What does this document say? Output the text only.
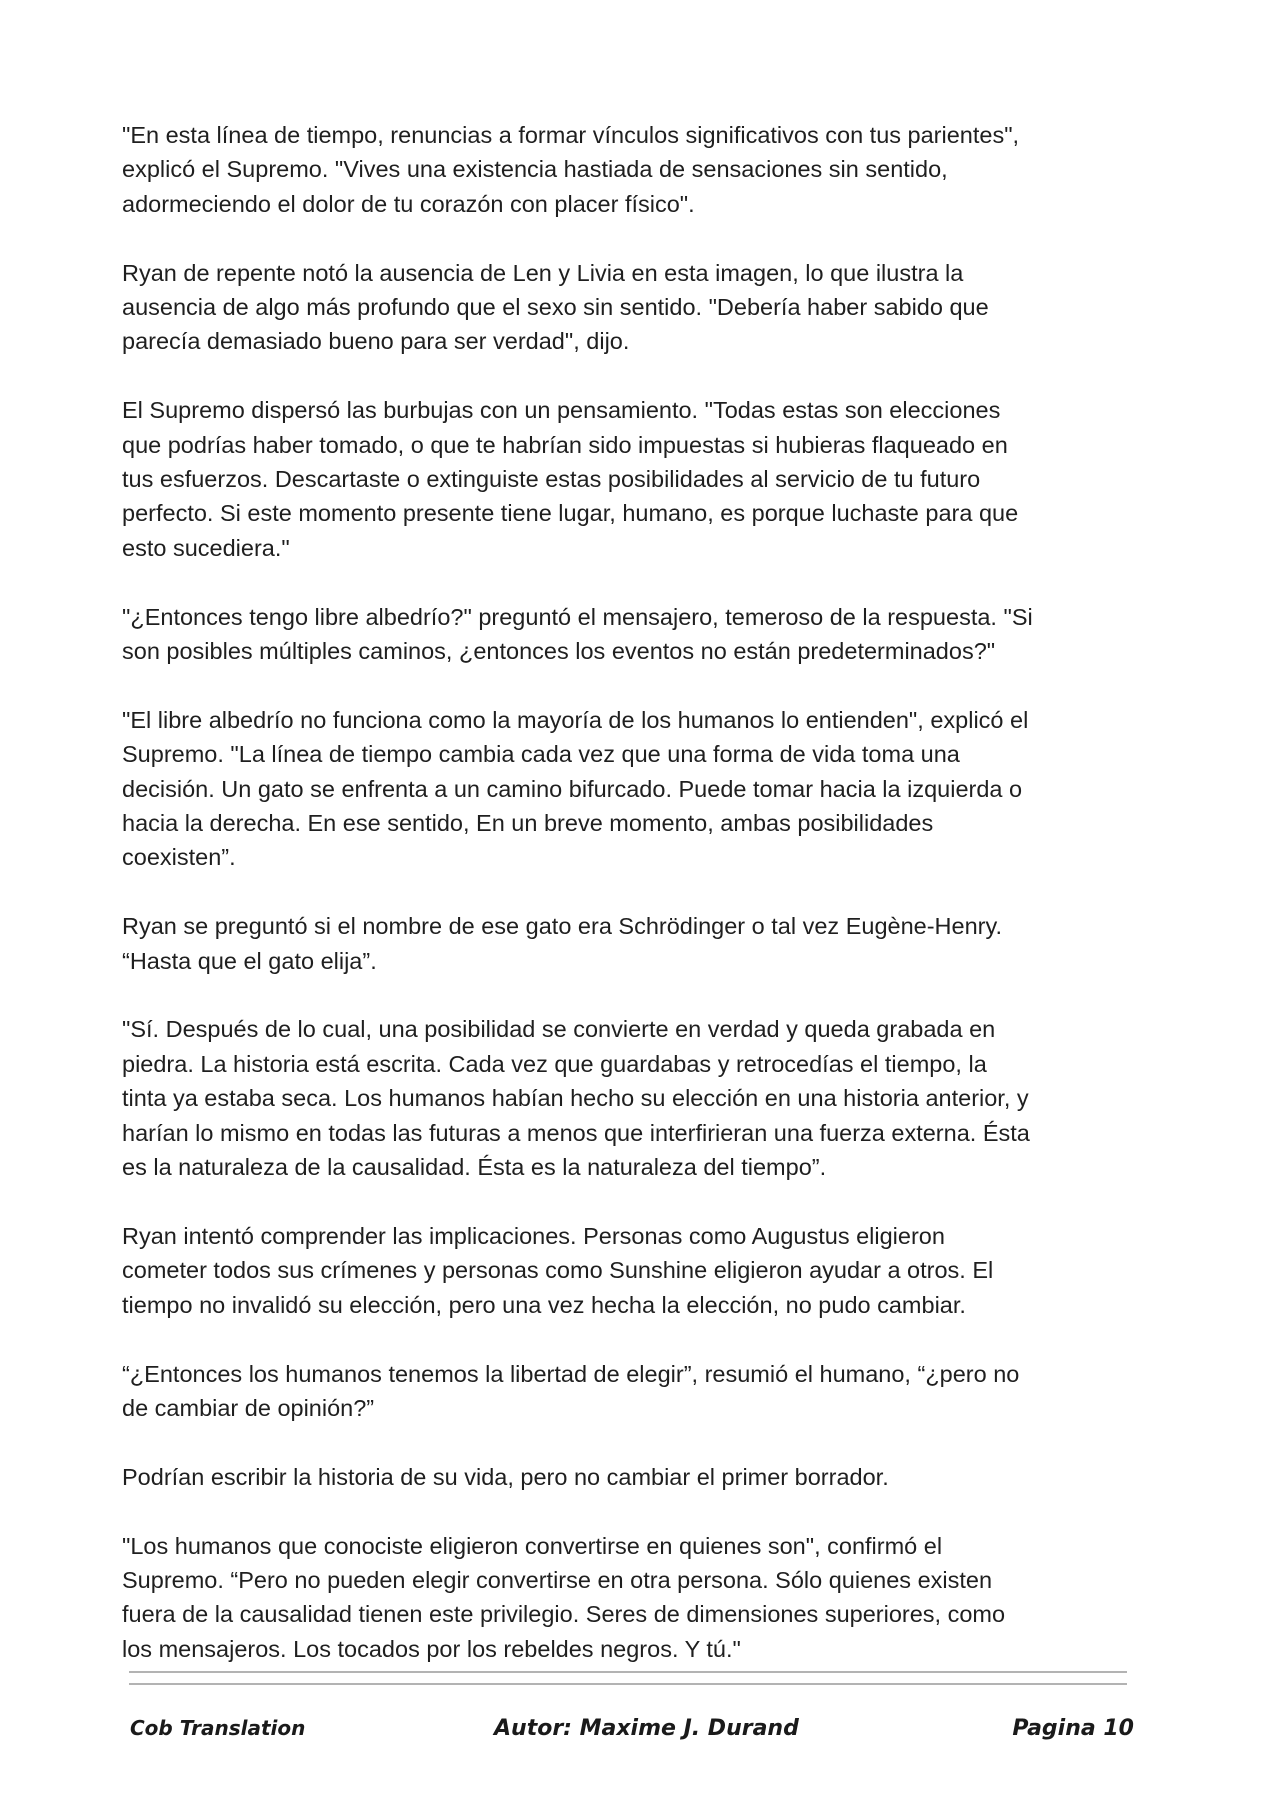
"En esta línea de tiempo, renuncias a formar vínculos significativos con tus parientes",
explicó el Supremo. "Vives una existencia hastiada de sensaciones sin sentido,
adormeciendo el dolor de tu corazón con placer físico".

Ryan de repente notó la ausencia de Len y Livia en esta imagen, lo que ilustra la
ausencia de algo más profundo que el sexo sin sentido. "Debería haber sabido que
parecía demasiado bueno para ser verdad", dijo.

El Supremo dispersó las burbujas con un pensamiento. "Todas estas son elecciones
que podrías haber tomado, o que te habrían sido impuestas si hubieras flaqueado en
tus esfuerzos. Descartaste o extinguiste estas posibilidades al servicio de tu futuro
perfecto. Si este momento presente tiene lugar, humano, es porque luchaste para que
esto sucediera."

"¿Entonces tengo libre albedrío?" preguntó el mensajero, temeroso de la respuesta. "Si
son posibles múltiples caminos, ¿entonces los eventos no están predeterminados?"

"El libre albedrío no funciona como la mayoría de los humanos lo entienden", explicó el
Supremo. "La línea de tiempo cambia cada vez que una forma de vida toma una
decisión. Un gato se enfrenta a un camino bifurcado. Puede tomar hacia la izquierda o
hacia la derecha. En ese sentido, En un breve momento, ambas posibilidades
coexisten”.

Ryan se preguntó si el nombre de ese gato era Schrödinger o tal vez Eugène-Henry.
“Hasta que el gato elija”.

"Sí. Después de lo cual, una posibilidad se convierte en verdad y queda grabada en
piedra. La historia está escrita. Cada vez que guardabas y retrocedías el tiempo, la
tinta ya estaba seca. Los humanos habían hecho su elección en una historia anterior, y
harían lo mismo en todas las futuras a menos que interfirieran una fuerza externa. Ésta
es la naturaleza de la causalidad. Ésta es la naturaleza del tiempo”.

Ryan intentó comprender las implicaciones. Personas como Augustus eligieron
cometer todos sus crímenes y personas como Sunshine eligieron ayudar a otros. El
tiempo no invalidó su elección, pero una vez hecha la elección, no pudo cambiar.

“¿Entonces los humanos tenemos la libertad de elegir”, resumió el humano, “¿pero no
de cambiar de opinión?”

Podrían escribir la historia de su vida, pero no cambiar el primer borrador.

"Los humanos que conociste eligieron convertirse en quienes son", confirmó el
Supremo. “Pero no pueden elegir convertirse en otra persona. Sólo quienes existen
fuera de la causalidad tienen este privilegio. Seres de dimensiones superiores, como
los mensajeros. Los tocados por los rebeldes negros. Y tú."

Cob Translation	Autor: Maxime J. Durand	Pagina 10
